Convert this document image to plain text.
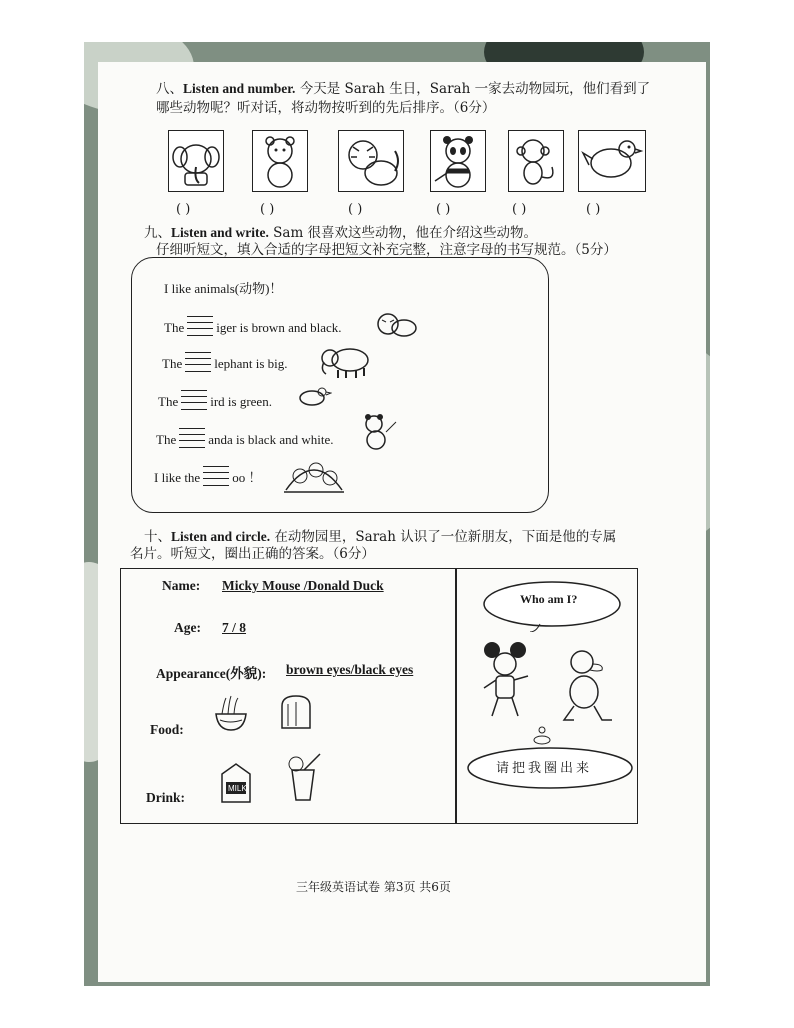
八、Listen and number. 今天是 Sarah 生日，Sarah 一家去动物园玩，他们看到了
哪些动物呢？听对话，将动物按听到的先后排序。（6分）
( )	( )	( )	( )	( )	( )
九、Listen and write. Sam 很喜欢这些动物，他在介绍这些动物。
仔细听短文，填入合适的字母把短文补充完整，注意字母的书写规范。（5分）
I like animals(动物)！
The iger is brown and black.
The lephant is big.
The ird is green.
The anda is black and white.
I like the oo ！
十、Listen and circle. 在动物园里，Sarah 认识了一位新朋友，下面是他的专属
名片。听短文，圈出正确的答案。（6分）
Name: Micky Mouse /Donald Duck
Age: 7 / 8
Appearance(外貌): brown eyes/black eyes
Food:
Drink:
MILK
Who am I?
请把我圈出来
三年级英语试卷 第3页 共6页
